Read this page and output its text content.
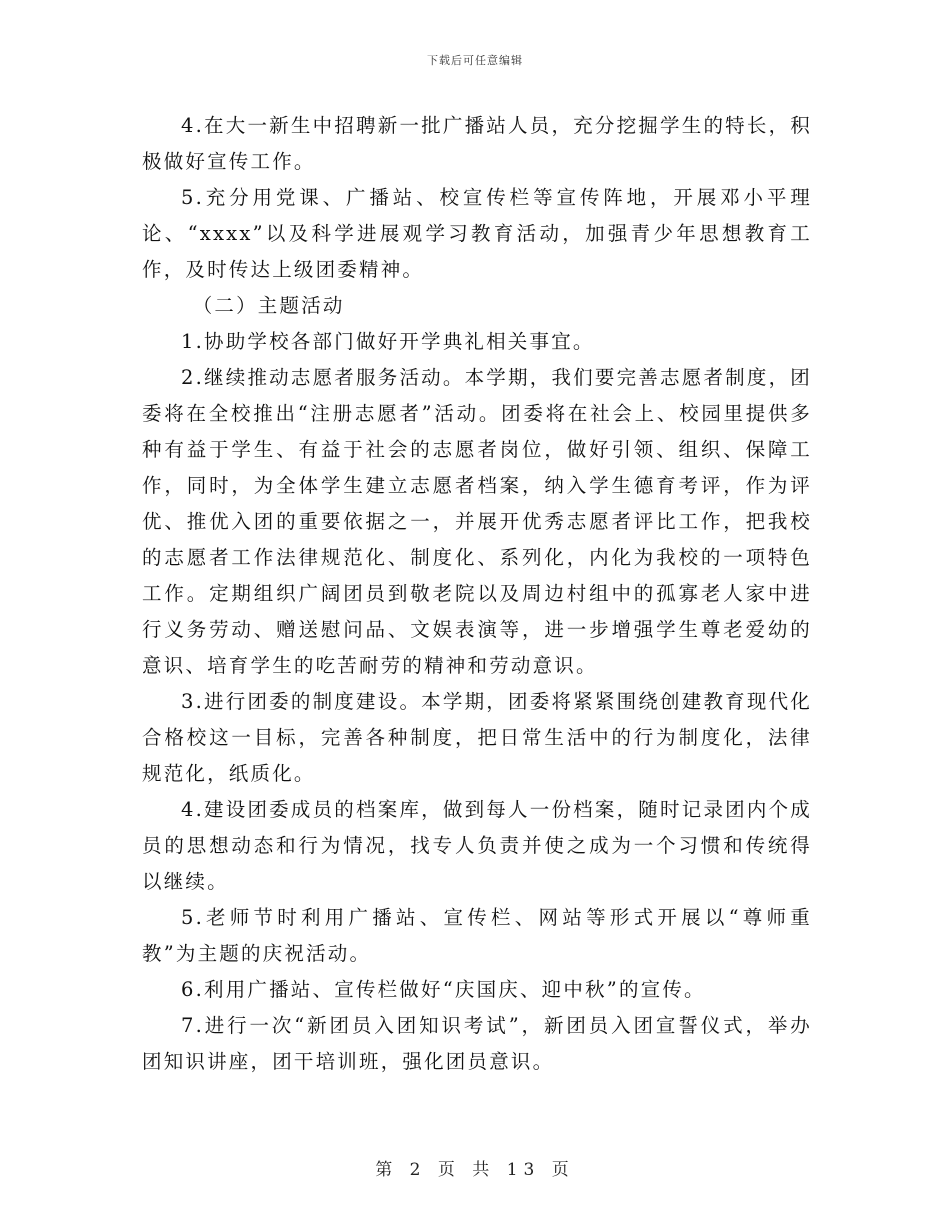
下载后可任意编辑

4.在大一新生中招聘新一批广播站人员，充分挖掘学生的特长，积极做好宣传工作。

5.充分用党课、广播站、校宣传栏等宣传阵地，开展邓小平理论、“xxxx”以及科学进展观学习教育活动，加强青少年思想教育工作，及时传达上级团委精神。

（二）主题活动

1.协助学校各部门做好开学典礼相关事宜。

2.继续推动志愿者服务活动。本学期，我们要完善志愿者制度，团委将在全校推出“注册志愿者”活动。团委将在社会上、校园里提供多种有益于学生、有益于社会的志愿者岗位，做好引领、组织、保障工作，同时，为全体学生建立志愿者档案，纳入学生德育考评，作为评优、推优入团的重要依据之一，并展开优秀志愿者评比工作，把我校的志愿者工作法律规范化、制度化、系列化，内化为我校的一项特色工作。定期组织广阔团员到敬老院以及周边村组中的孤寡老人家中进行义务劳动、赠送慰问品、文娱表演等，进一步增强学生尊老爱幼的意识、培育学生的吃苦耐劳的精神和劳动意识。

3.进行团委的制度建设。本学期，团委将紧紧围绕创建教育现代化合格校这一目标，完善各种制度，把日常生活中的行为制度化，法律规范化，纸质化。

4.建设团委成员的档案库，做到每人一份档案，随时记录团内个成员的思想动态和行为情况，找专人负责并使之成为一个习惯和传统得以继续。

5.老师节时利用广播站、宣传栏、网站等形式开展以“尊师重教”为主题的庆祝活动。

6.利用广播站、宣传栏做好“庆国庆、迎中秋”的宣传。

7.进行一次“新团员入团知识考试”，新团员入团宣誓仪式，举办团知识讲座，团干培训班，强化团员意识。

第 2 页 共 13 页
